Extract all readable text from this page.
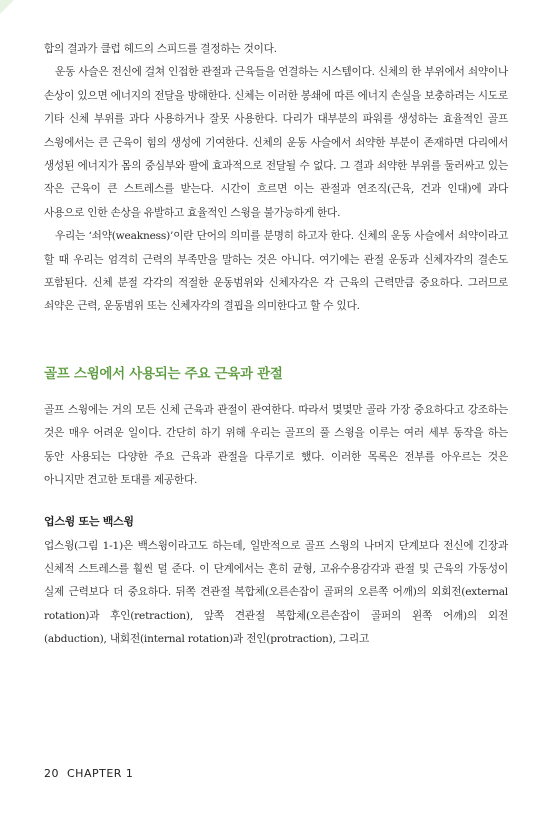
합의 결과가 클럽 헤드의 스피드를 결정하는 것이다.

운동 사슬은 전신에 걸쳐 인접한 관절과 근육들을 연결하는 시스템이다. 신체의 한 부위에서 쇠약이나 손상이 있으면 에너지의 전달을 방해한다. 신체는 이러한 봉쇄에 따른 에너지 손실을 보충하려는 시도로 기타 신체 부위를 과다 사용하거나 잘못 사용한다. 다리가 대부분의 파워를 생성하는 효율적인 골프 스윙에서는 큰 근육이 힘의 생성에 기여한다. 신체의 운동 사슬에서 쇠약한 부분이 존재하면 다리에서 생성된 에너지가 몸의 중심부와 팔에 효과적으로 전달될 수 없다. 그 결과 쇠약한 부위를 둘러싸고 있는 작은 근육이 큰 스트레스를 받는다. 시간이 흐르면 이는 관절과 연조직(근육, 건과 인대)에 과다 사용으로 인한 손상을 유발하고 효율적인 스윙을 불가능하게 한다.

우리는 ‘쇠약(weakness)’이란 단어의 의미를 분명히 하고자 한다. 신체의 운동 사슬에서 쇠약이라고 할 때 우리는 엄격히 근력의 부족만을 말하는 것은 아니다. 여기에는 관절 운동과 신체자각의 결손도 포함된다. 신체 분절 각각의 적절한 운동범위와 신체자각은 각 근육의 근력만큼 중요하다. 그러므로 쇠약은 근력, 운동범위 또는 신체자각의 결핍을 의미한다고 할 수 있다.

골프 스윙에서 사용되는 주요 근육과 관절

골프 스윙에는 거의 모든 신체 근육과 관절이 관여한다. 따라서 몇몇만 골라 가장 중요하다고 강조하는 것은 매우 어려운 일이다. 간단히 하기 위해 우리는 골프의 풀 스윙을 이루는 여러 세부 동작을 하는 동안 사용되는 다양한 주요 근육과 관절을 다루기로 했다. 이러한 목록은 전부를 아우르는 것은 아니지만 견고한 토대를 제공한다.

업스윙 또는 백스윙

업스윙(그림 1-1)은 백스윙이라고도 하는데, 일반적으로 골프 스윙의 나머지 단계보다 전신에 긴장과 신체적 스트레스를 훨씬 덜 준다. 이 단계에서는 흔히 균형, 고유수용감각과 관절 및 근육의 가동성이 실제 근력보다 더 중요하다. 뒤쪽 견관절 복합체(오른손잡이 골퍼의 오른쪽 어깨)의 외회전(external rotation)과 후인(retraction), 앞쪽 견관절 복합체(오른손잡이 골퍼의 왼쪽 어깨)의 외전(abduction), 내회전(internal rotation)과 전인(protraction), 그리고

20 CHAPTER 1
